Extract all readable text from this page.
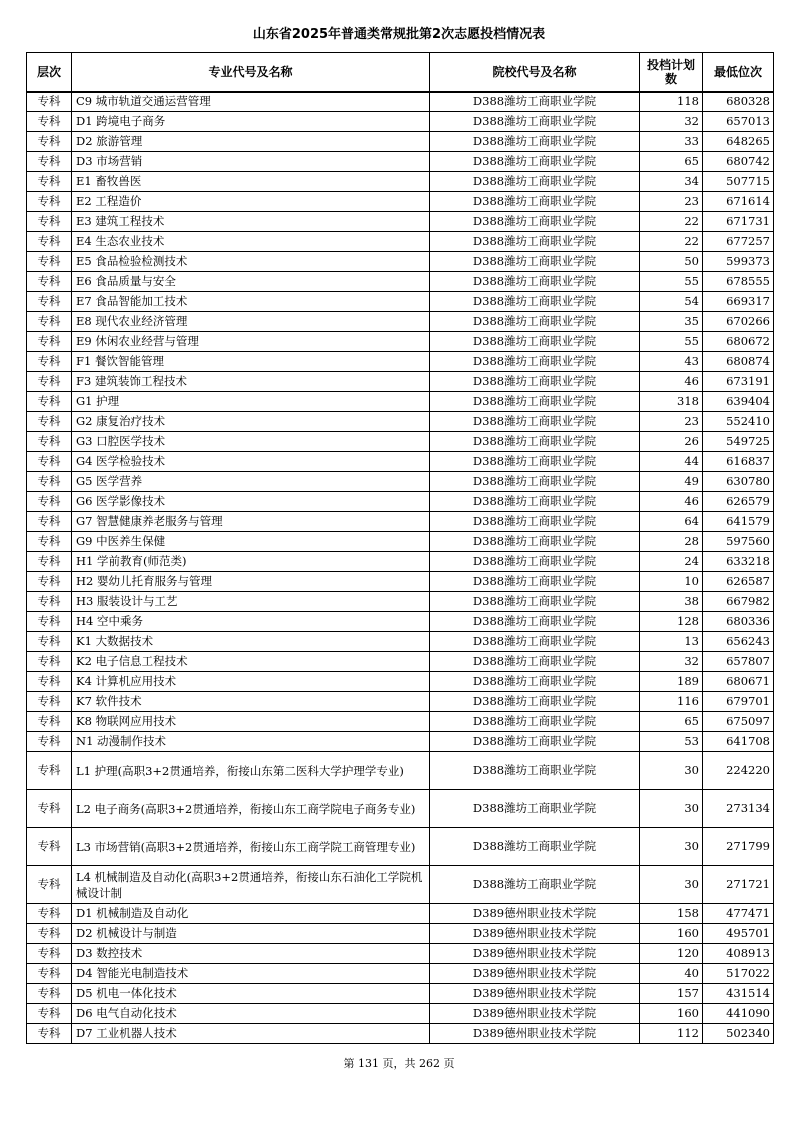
山东省2025年普通类常规批第2次志愿投档情况表
层次	专业代号及名称	院校代号及名称	投档计划数	最低位次
专科	C9 城市轨道交通运营管理	D388潍坊工商职业学院	118	680328
专科	D1 跨境电子商务	D388潍坊工商职业学院	32	657013
专科	D2 旅游管理	D388潍坊工商职业学院	33	648265
专科	D3 市场营销	D388潍坊工商职业学院	65	680742
专科	E1 畜牧兽医	D388潍坊工商职业学院	34	507715
专科	E2 工程造价	D388潍坊工商职业学院	23	671614
专科	E3 建筑工程技术	D388潍坊工商职业学院	22	671731
专科	E4 生态农业技术	D388潍坊工商职业学院	22	677257
专科	E5 食品检验检测技术	D388潍坊工商职业学院	50	599373
专科	E6 食品质量与安全	D388潍坊工商职业学院	55	678555
专科	E7 食品智能加工技术	D388潍坊工商职业学院	54	669317
专科	E8 现代农业经济管理	D388潍坊工商职业学院	35	670266
专科	E9 休闲农业经营与管理	D388潍坊工商职业学院	55	680672
专科	F1 餐饮智能管理	D388潍坊工商职业学院	43	680874
专科	F3 建筑装饰工程技术	D388潍坊工商职业学院	46	673191
专科	G1 护理	D388潍坊工商职业学院	318	639404
专科	G2 康复治疗技术	D388潍坊工商职业学院	23	552410
专科	G3 口腔医学技术	D388潍坊工商职业学院	26	549725
专科	G4 医学检验技术	D388潍坊工商职业学院	44	616837
专科	G5 医学营养	D388潍坊工商职业学院	49	630780
专科	G6 医学影像技术	D388潍坊工商职业学院	46	626579
专科	G7 智慧健康养老服务与管理	D388潍坊工商职业学院	64	641579
专科	G9 中医养生保健	D388潍坊工商职业学院	28	597560
专科	H1 学前教育(师范类)	D388潍坊工商职业学院	24	633218
专科	H2 婴幼儿托育服务与管理	D388潍坊工商职业学院	10	626587
专科	H3 服装设计与工艺	D388潍坊工商职业学院	38	667982
专科	H4 空中乘务	D388潍坊工商职业学院	128	680336
专科	K1 大数据技术	D388潍坊工商职业学院	13	656243
专科	K2 电子信息工程技术	D388潍坊工商职业学院	32	657807
专科	K4 计算机应用技术	D388潍坊工商职业学院	189	680671
专科	K7 软件技术	D388潍坊工商职业学院	116	679701
专科	K8 物联网应用技术	D388潍坊工商职业学院	65	675097
专科	N1 动漫制作技术	D388潍坊工商职业学院	53	641708
专科	L1 护理(高职3+2贯通培养，衔接山东第二医科大学护理学专业)	D388潍坊工商职业学院	30	224220
专科	L2 电子商务(高职3+2贯通培养，衔接山东工商学院电子商务专业)	D388潍坊工商职业学院	30	273134
专科	L3 市场营销(高职3+2贯通培养，衔接山东工商学院工商管理专业)	D388潍坊工商职业学院	30	271799
专科	L4 机械制造及自动化(高职3+2贯通培养，衔接山东石油化工学院机械设计制	D388潍坊工商职业学院	30	271721
专科	D1 机械制造及自动化	D389德州职业技术学院	158	477471
专科	D2 机械设计与制造	D389德州职业技术学院	160	495701
专科	D3 数控技术	D389德州职业技术学院	120	408913
专科	D4 智能光电制造技术	D389德州职业技术学院	40	517022
专科	D5 机电一体化技术	D389德州职业技术学院	157	431514
专科	D6 电气自动化技术	D389德州职业技术学院	160	441090
专科	D7 工业机器人技术	D389德州职业技术学院	112	502340
第 131 页，共 262 页
